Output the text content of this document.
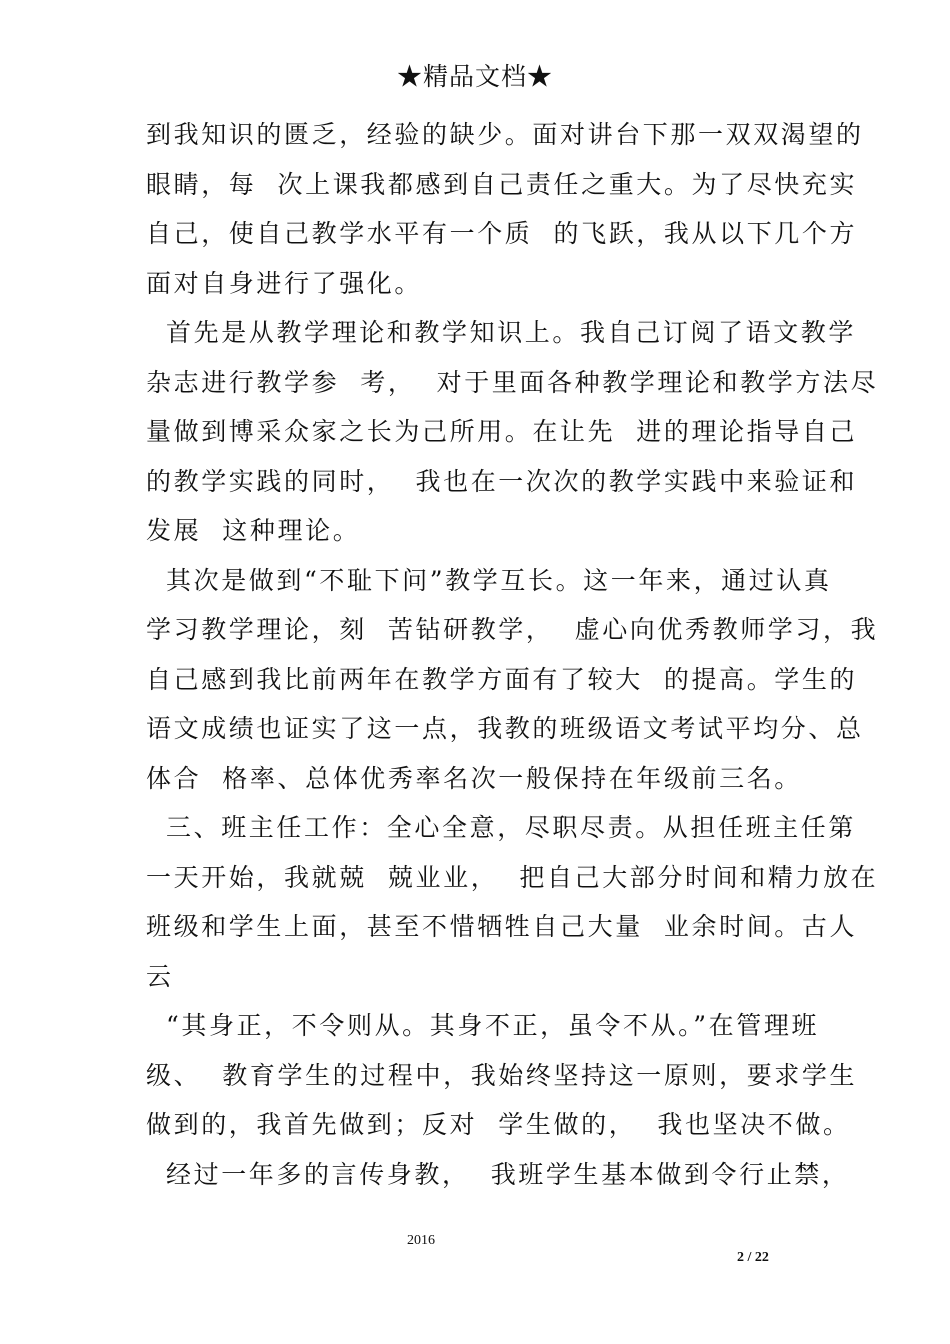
★精品文档★
到我知识的匮乏，经验的缺少。面对讲台下那一双双渴望的
眼睛，每  次上课我都感到自己责任之重大。为了尽快充实
自己，使自己教学水平有一个质  的飞跃，我从以下几个方
面对自身进行了强化。
首先是从教学理论和教学知识上。我自己订阅了语文教学
杂志进行教学参  考，  对于里面各种教学理论和教学方法尽
量做到博采众家之长为己所用。在让先  进的理论指导自己
的教学实践的同时，  我也在一次次的教学实践中来验证和
发展  这种理论。
其次是做到“不耻下问”教学互长。这一年来，通过认真
学习教学理论，刻  苦钻研教学，  虚心向优秀教师学习，我
自己感到我比前两年在教学方面有了较大  的提高。学生的
语文成绩也证实了这一点，我教的班级语文考试平均分、总
体合  格率、总体优秀率名次一般保持在年级前三名。
三、班主任工作：全心全意，尽职尽责。从担任班主任第
一天开始，我就兢  兢业业，  把自己大部分时间和精力放在
班级和学生上面，甚至不惜牺牲自己大量  业余时间。古人
云
“其身正，不令则从。其身不正，虽令不从。”在管理班
级、  教育学生的过程中，我始终坚持这一原则，要求学生
做到的，我首先做到；反对  学生做的，  我也坚决不做。
经过一年多的言传身教，  我班学生基本做到令行止禁，
2016
2 / 22
